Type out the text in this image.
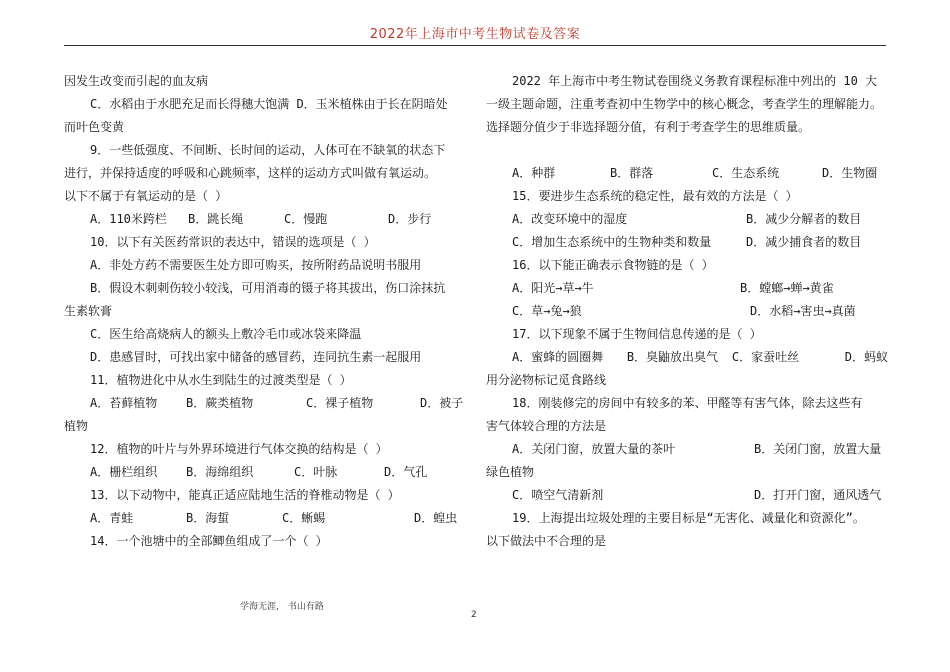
2022年上海市中考生物试卷及答案
因发生改变而引起的血友病
C．水稻由于水肥充足而长得穗大饱满 D．玉米植株由于长在阴暗处
而叶色变黄
9．一些低强度、不间断、长时间的运动，人体可在不缺氧的状态下
进行，并保持适度的呼吸和心跳频率，这样的运动方式叫做有氧运动。
以下不属于有氧运动的是（ ）
A．110米跨栏	B．跳长绳	C．慢跑	D．步行
10．以下有关医药常识的表达中，错误的选项是（ ）
A．非处方药不需要医生处方即可购买，按所附药品说明书服用
B．假设木刺刺伤较小较浅，可用消毒的镊子将其拔出，伤口涂抹抗
生素软膏
C．医生给高烧病人的额头上敷冷毛巾或冰袋来降温
D．患感冒时，可找出家中储备的感冒药，连同抗生素一起服用
11．植物进化中从水生到陆生的过渡类型是（ ）
A．苔藓植物	B．蕨类植物	C．裸子植物	D．被子
植物
12．植物的叶片与外界环境进行气体交换的结构是（ ）
A．栅栏组织	B．海绵组织	C．叶脉	D．气孔
13．以下动物中，能真正适应陆地生活的脊椎动物是（ ）
A．青蛙	B．海蜇	C．蜥蜴	D．蝗虫
14．一个池塘中的全部鲫鱼组成了一个（ ）
2022 年上海市中考生物试卷围绕义务教育课程标准中列出的 10 大
一级主题命题，注重考查初中生物学中的核心概念，考查学生的理解能力。
选择题分值少于非选择题分值，有利于考查学生的思维质量。
A．种群	B．群落	C．生态系统	D．生物圈
15．要进步生态系统的稳定性，最有效的方法是（ ）
A．改变环境中的湿度	B．减少分解者的数目
C．增加生态系统中的生物种类和数量	D．减少捕食者的数目
16．以下能正确表示食物链的是（ ）
A．阳光→草→牛	B．螳螂→蝉→黄雀
C．草→兔→狼	D．水稻→害虫→真菌
17．以下现象不属于生物间信息传递的是（ ）
A．蜜蜂的圆圈舞	B．臭鼬放出臭气	C．家蚕吐丝	D．蚂蚁
用分泌物标记觅食路线
18．刚装修完的房间中有较多的苯、甲醛等有害气体，除去这些有
害气体较合理的方法是
A．关闭门窗，放置大量的茶叶	B．关闭门窗，放置大量
绿色植物
C．喷空气清新剂	D．打开门窗，通风透气
19．上海提出垃圾处理的主要目标是“无害化、减量化和资源化”。
以下做法中不合理的是
学海无涯， 书山有路
2
